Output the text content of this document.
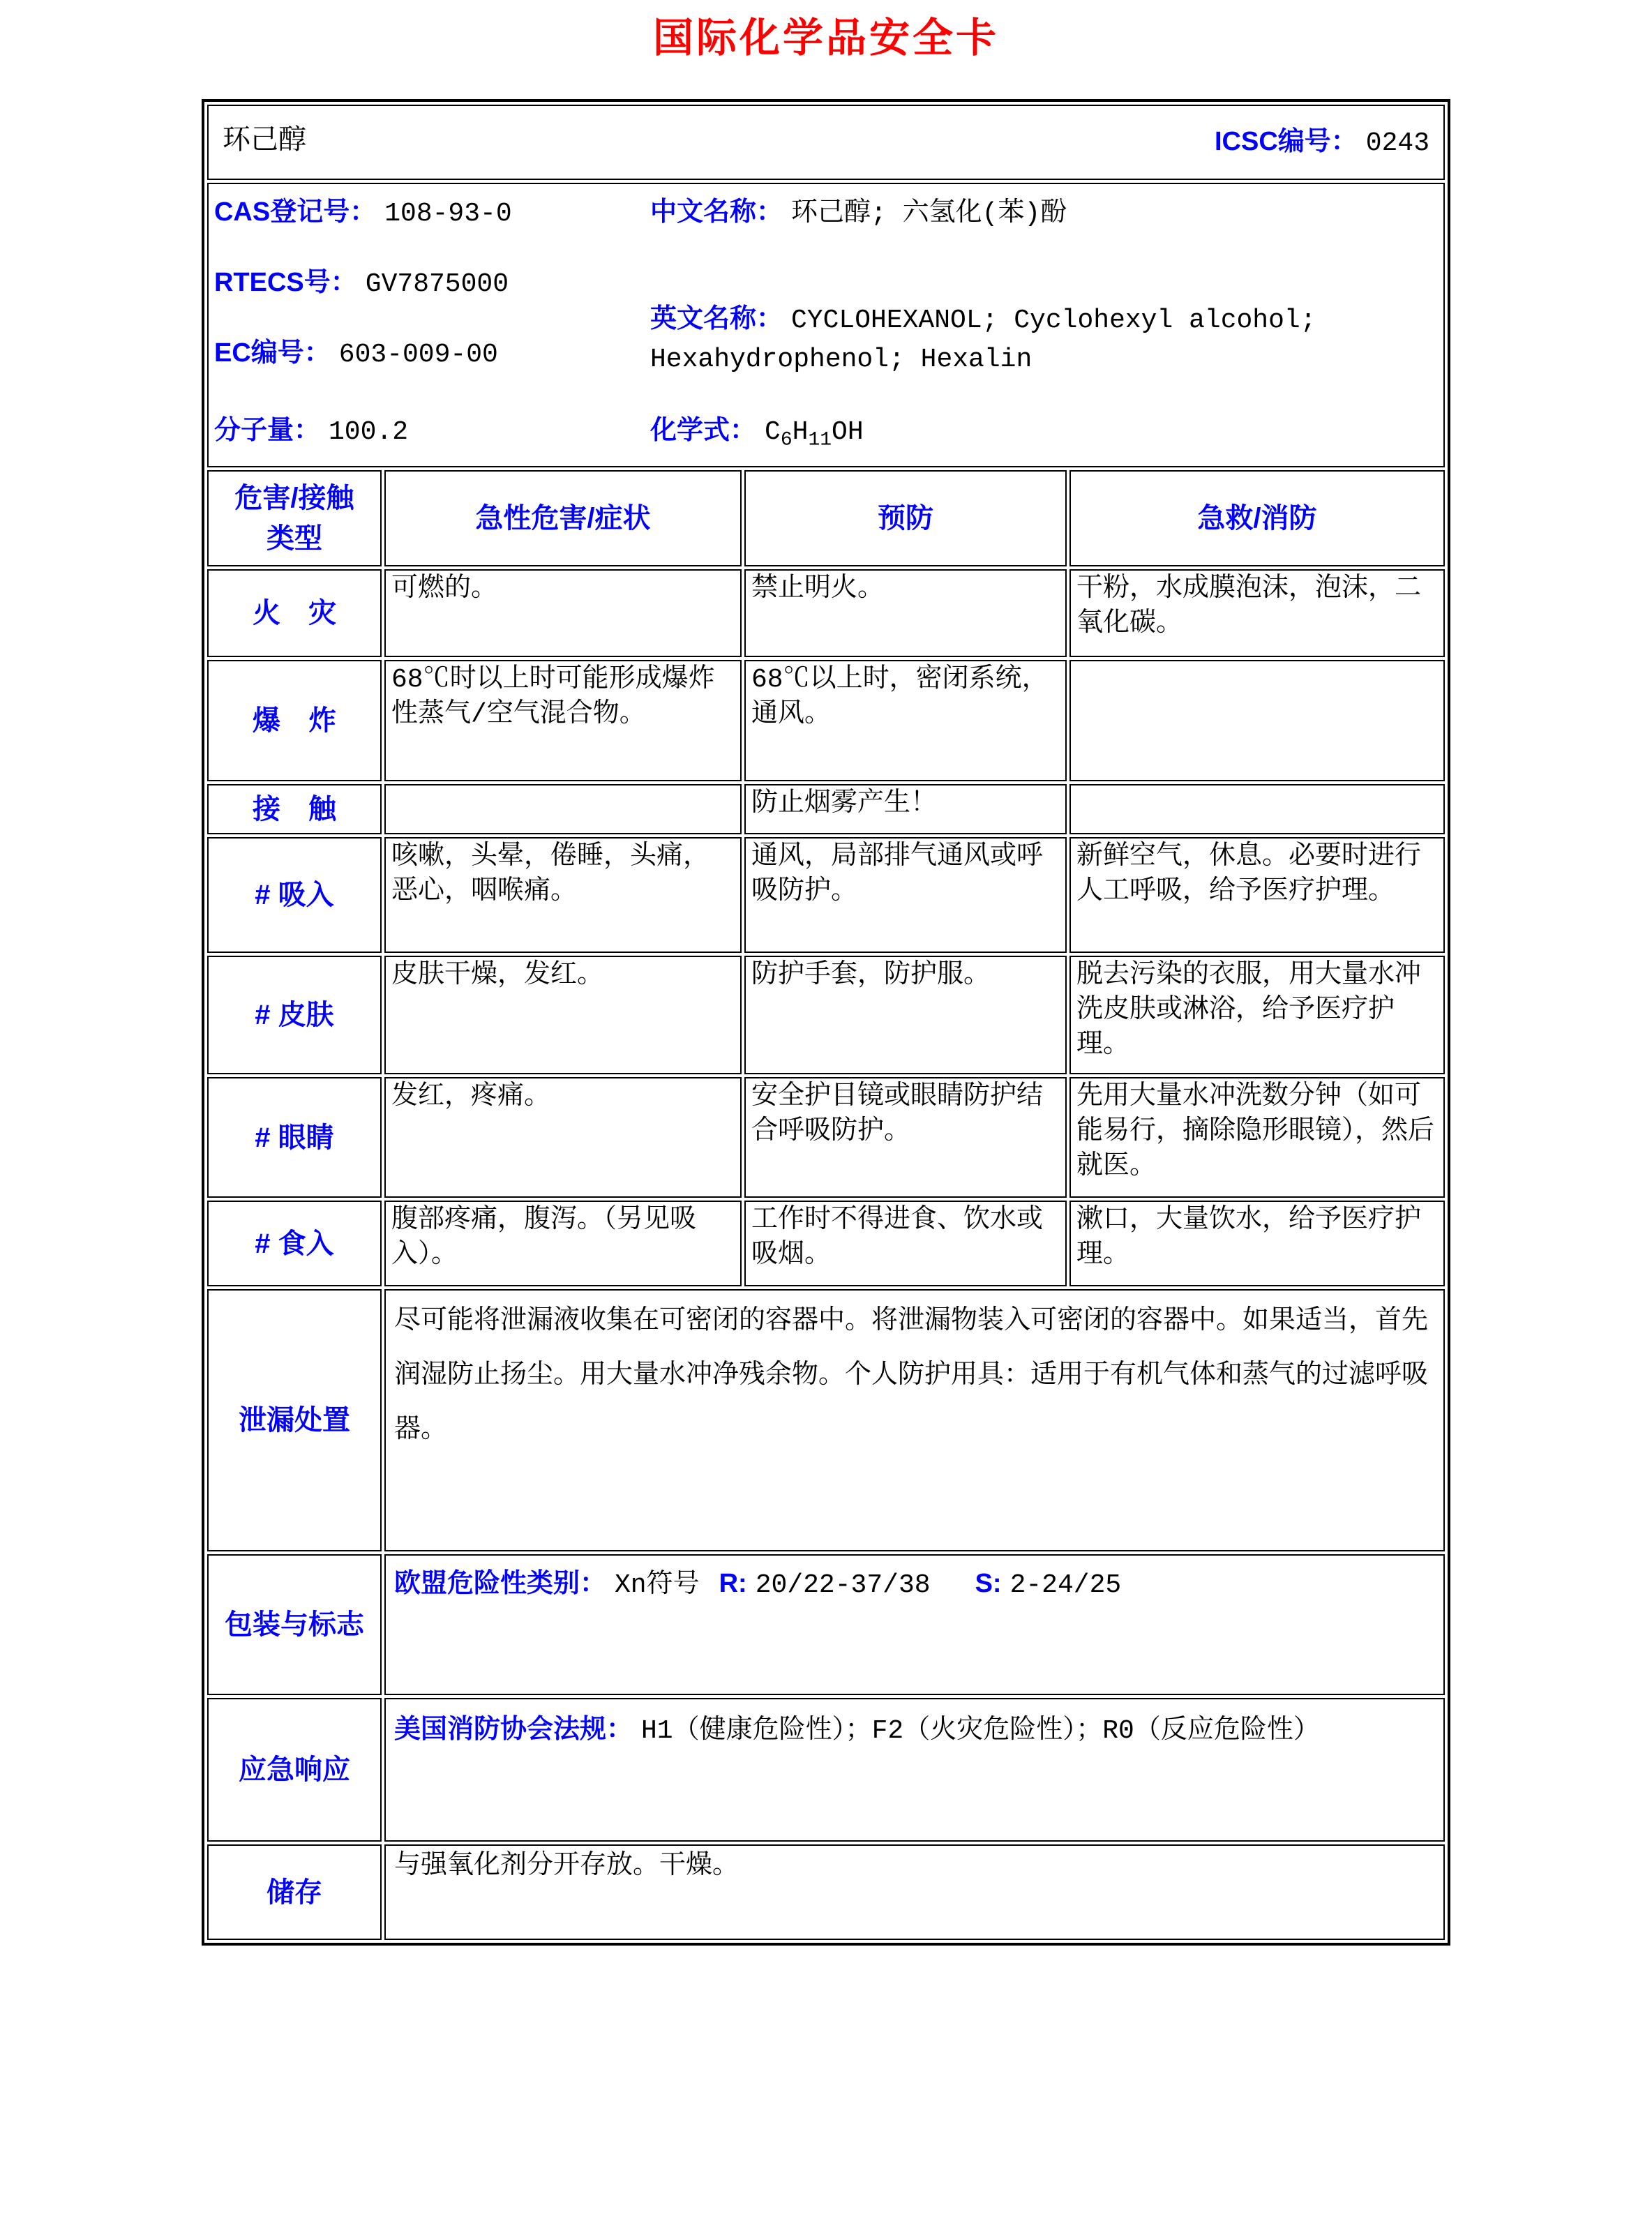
国际化学品安全卡
环己醇 ICSC编号： 0243			

CAS登记号： 108-93-0
RTECS号： GV7875000
EC编号： 603-009-00
分子量： 100.2
中文名称： 环己醇; 六氢化(苯)酚
英文名称： CYCLOHEXANOL; Cyclohexyl alcohol; Hexahydrophenol; Hexalin
化学式： $C_6H_{11}OH$

危害/接触
类型	急性危害/症状	预防	急救/消防
火　灾	可燃的。	禁止明火。	干粉，水成膜泡沫，泡沫，二氧化碳。
爆　炸	68℃时以上时可能形成爆炸性蒸气/空气混合物。	68℃以上时，密闭系统，通风。	
接　触		防止烟雾产生！	
# 吸入	咳嗽，头晕，倦睡，头痛，恶心，咽喉痛。	通风，局部排气通风或呼吸防护。	新鲜空气，休息。必要时进行人工呼吸，给予医疗护理。
# 皮肤	皮肤干燥，发红。	防护手套，防护服。	脱去污染的衣服，用大量水冲洗皮肤或淋浴，给予医疗护理。
# 眼睛	发红，疼痛。	安全护目镜或眼睛防护结合呼吸防护。	先用大量水冲洗数分钟（如可能易行，摘除隐形眼镜），然后就医。
# 食入	腹部疼痛，腹泻。（另见吸入）。	工作时不得进食、饮水或吸烟。	漱口，大量饮水，给予医疗护理。
泄漏处置	尽可能将泄漏液收集在可密闭的容器中。将泄漏物装入可密闭的容器中。如果适当，首先润湿防止扬尘。用大量水冲净残余物。个人防护用具：适用于有机气体和蒸气的过滤呼吸器。		
包装与标志	欧盟危险性类别： Xn符号 R: 20/22-37/38 S: 2-24/25		
应急响应	美国消防协会法规： H1（健康危险性）；F2（火灾危险性）；R0（反应危险性）		
储存	与强氧化剂分开存放。干燥。		
